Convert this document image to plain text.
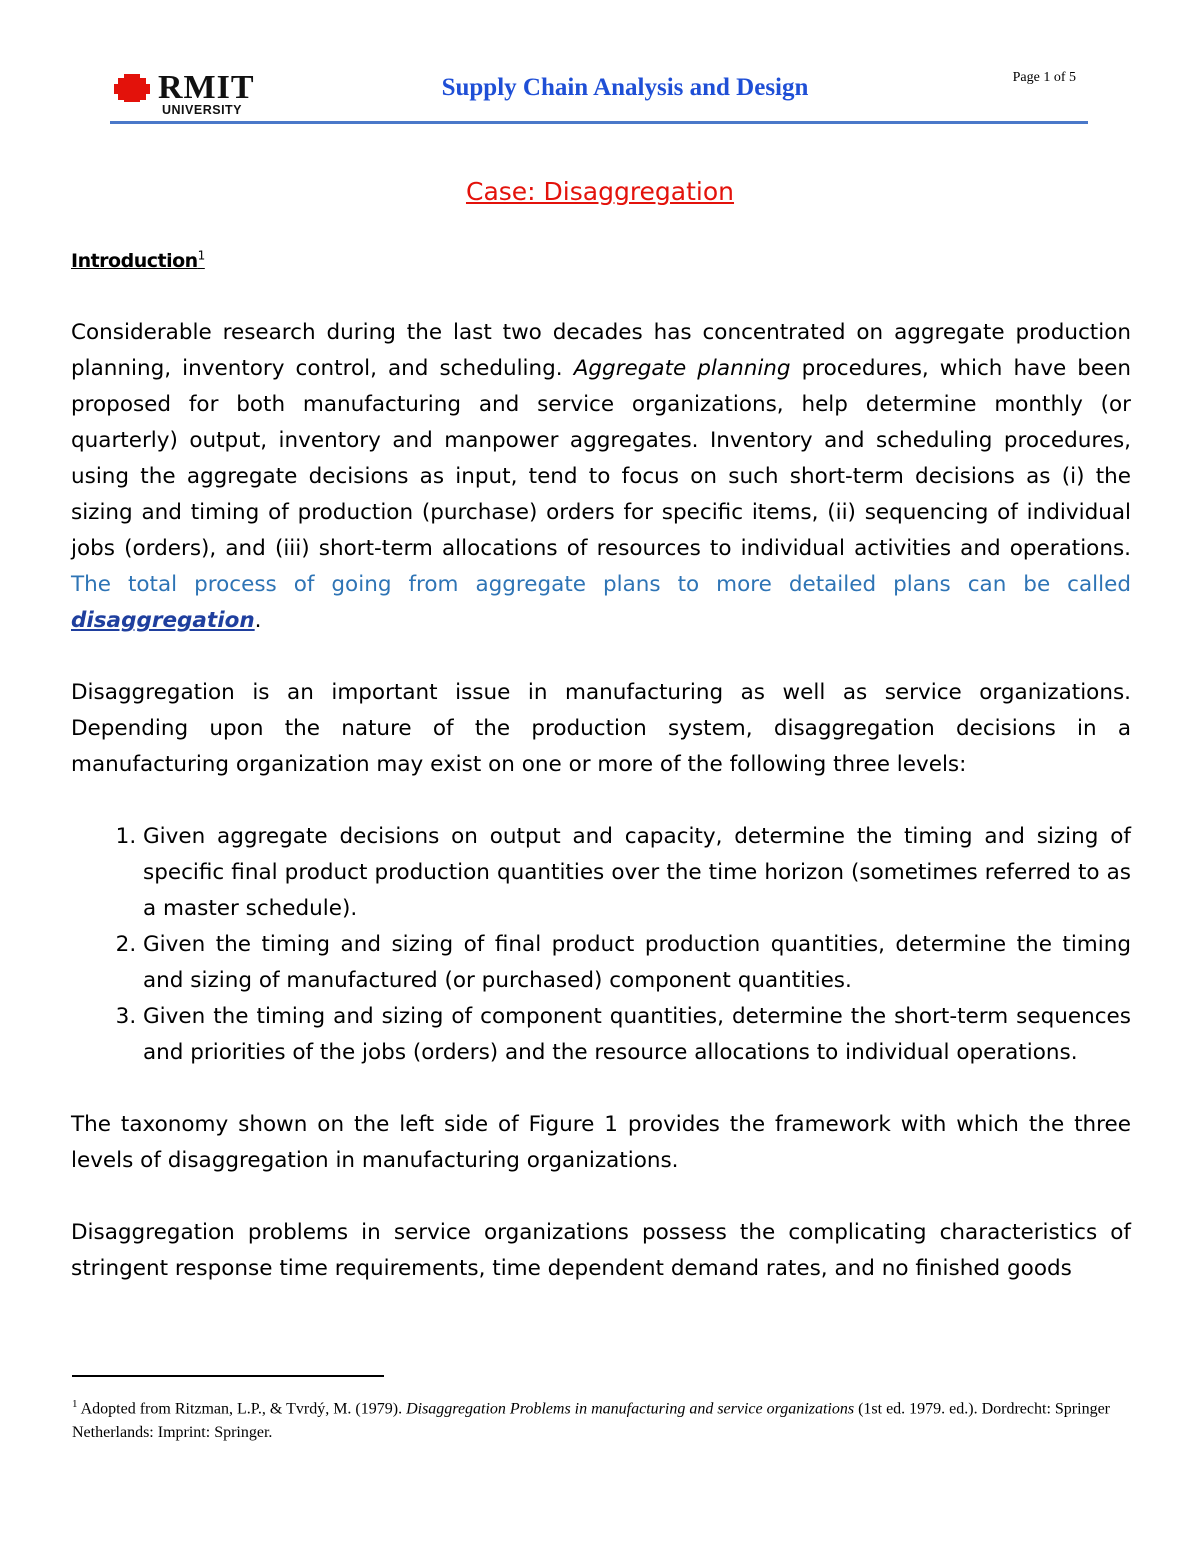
RMIT
UNIVERSITY
Supply Chain Analysis and Design	Page 1 of 5
Case: Disaggregation

Introduction$^1$

Considerable research during the last two decades has concentrated on aggregate production planning, inventory control, and scheduling. Aggregate planning procedures, which have been proposed for both manufacturing and service organizations, help determine monthly (or quarterly) output, inventory and manpower aggregates. Inventory and scheduling procedures, using the aggregate decisions as input, tend to focus on such short-term decisions as (i) the sizing and timing of production (purchase) orders for specific items, (ii) sequencing of individual jobs (orders), and (iii) short-term allocations of resources to individual activities and operations. The total process of going from aggregate plans to more detailed plans can be called disaggregation.

Disaggregation is an important issue in manufacturing as well as service organizations. Depending upon the nature of the production system, disaggregation decisions in a manufacturing organization may exist on one or more of the following three levels:

1. Given aggregate decisions on output and capacity, determine the timing and sizing of specific final product production quantities over the time horizon (sometimes referred to as a master schedule).
2. Given the timing and sizing of final product production quantities, determine the timing and sizing of manufactured (or purchased) component quantities.
3. Given the timing and sizing of component quantities, determine the short-term sequences and priorities of the jobs (orders) and the resource allocations to individual operations.

The taxonomy shown on the left side of Figure 1 provides the framework with which the three levels of disaggregation in manufacturing organizations.

Disaggregation problems in service organizations possess the complicating characteristics of stringent response time requirements, time dependent demand rates, and no finished goods

$^1$ Adopted from Ritzman, L.P., & Tvrdý, M. (1979). Disaggregation Problems in manufacturing and service organizations (1st ed. 1979. ed.). Dordrecht: Springer Netherlands: Imprint: Springer.
